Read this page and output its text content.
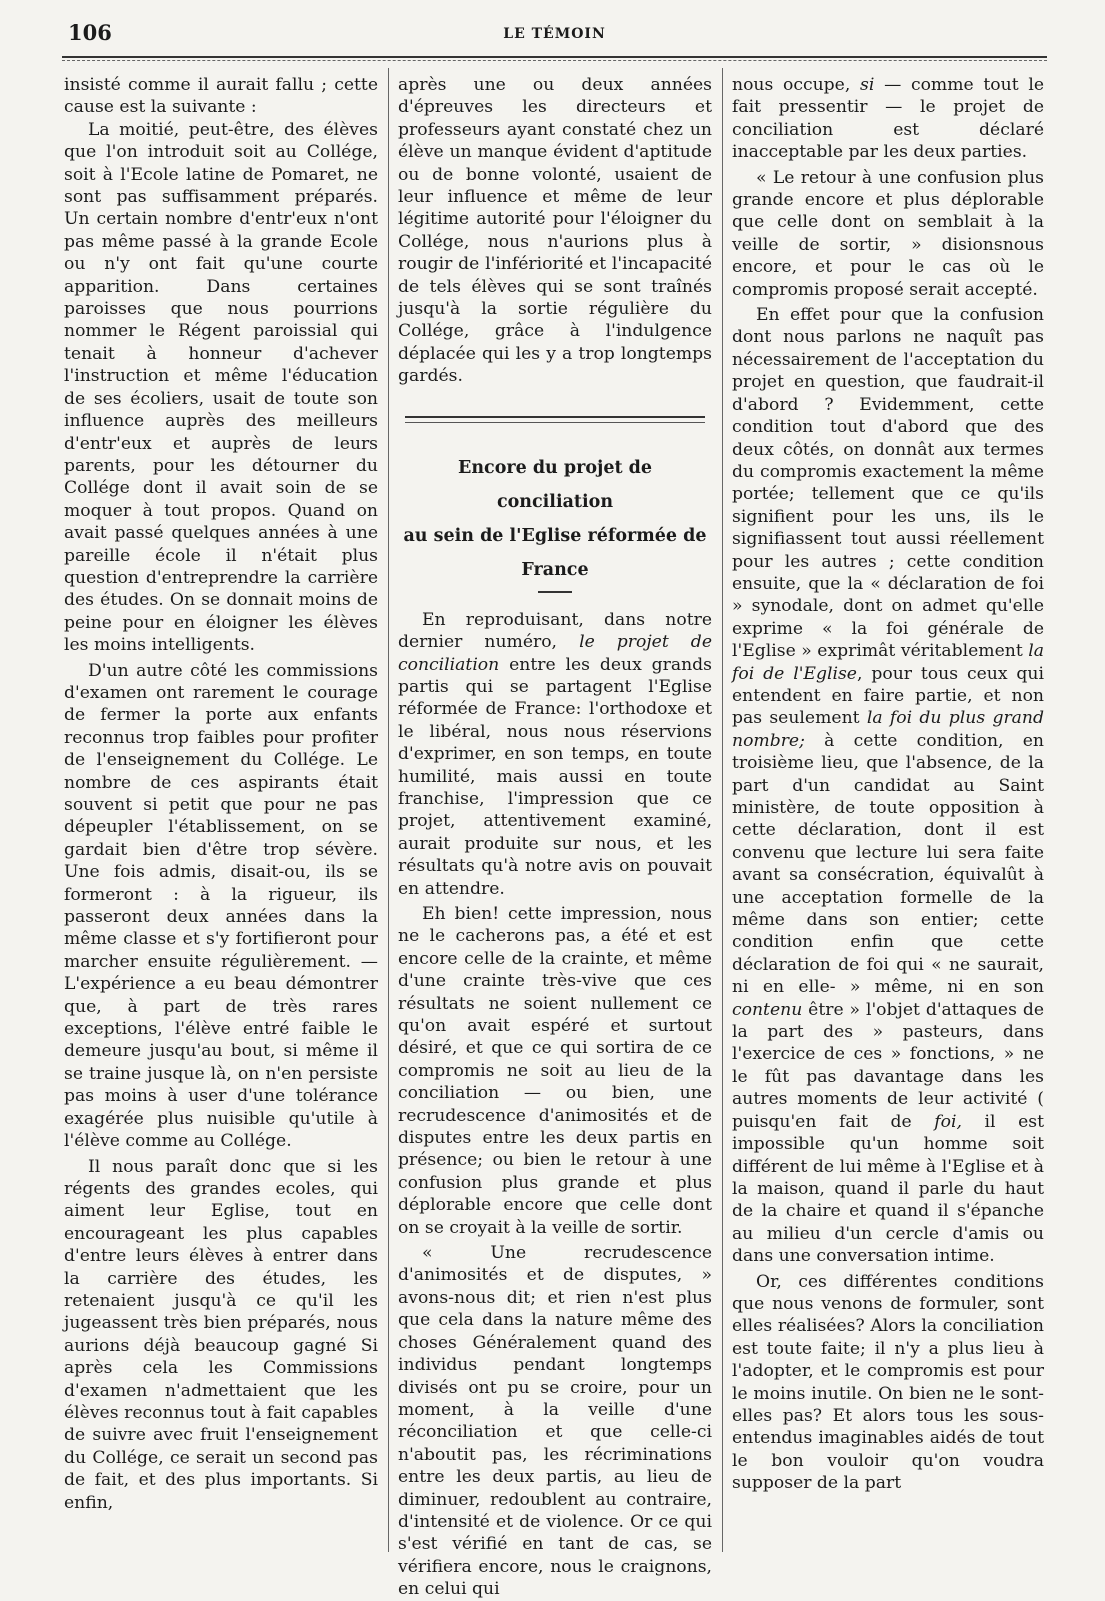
106	LE TÉMOIN

insisté comme il aurait fallu ; cette cause est la suivante :

La moitié, peut-être, des élèves que l'on introduit soit au Collége, soit à l'Ecole latine de Pomaret, ne sont pas suffisamment préparés. Un certain nombre d'entr'eux n'ont pas même passé à la grande Ecole ou n'y ont fait qu'une courte apparition. Dans certaines paroisses que nous pourrions nommer le Régent paroissial qui tenait à honneur d'achever l'instruction et même l'éducation de ses écoliers, usait de toute son influence auprès des meilleurs d'entr'eux et auprès de leurs parents, pour les détourner du Collége dont il avait soin de se moquer à tout propos. Quand on avait passé quelques années à une pareille école il n'était plus question d'entreprendre la carrière des études. On se donnait moins de peine pour en éloigner les élèves les moins intelligents.

D'un autre côté les commissions d'examen ont rarement le courage de fermer la porte aux enfants reconnus trop faibles pour profiter de l'enseignement du Collége. Le nombre de ces aspirants était souvent si petit que pour ne pas dépeupler l'établissement, on se gardait bien d'être trop sévère. Une fois admis, disait-ou, ils se formeront : à la rigueur, ils passeront deux années dans la même classe et s'y fortifieront pour marcher ensuite régulièrement. — L'expérience a eu beau démontrer que, à part de très rares exceptions, l'élève entré faible le demeure jusqu'au bout, si même il se traine jusque là, on n'en persiste pas moins à user d'une tolérance exagérée plus nuisible qu'utile à l'élève comme au Collége.

Il nous paraît donc que si les régents des grandes ecoles, qui aiment leur Eglise, tout en encourageant les plus capables d'entre leurs élèves à entrer dans la carrière des études, les retenaient jusqu'à ce qu'il les jugeassent très bien préparés, nous aurions déjà beaucoup gagné Si après cela les Commissions d'examen n'admettaient que les élèves reconnus tout à fait capables de suivre avec fruit l'enseignement du Collége, ce serait un second pas de fait, et des plus importants. Si enfin,

après une ou deux années d'épreuves les directeurs et professeurs ayant constaté chez un élève un manque évident d'aptitude ou de bonne volonté, usaient de leur influence et même de leur légitime autorité pour l'éloigner du Collége, nous n'aurions plus à rougir de l'infériorité et l'incapacité de tels élèves qui se sont traînés jusqu'à la sortie régulière du Collége, grâce à l'indulgence déplacée qui les y a trop longtemps gardés.

Encore du projet de conciliation
au sein de l'Eglise réformée de France

En reproduisant, dans notre dernier numéro, le projet de conciliation entre les deux grands partis qui se partagent l'Eglise réformée de France: l'orthodoxe et le libéral, nous nous réservions d'exprimer, en son temps, en toute humilité, mais aussi en toute franchise, l'impression que ce projet, attentivement examiné, aurait produite sur nous, et les résultats qu'à notre avis on pouvait en attendre.

Eh bien! cette impression, nous ne le cacherons pas, a été et est encore celle de la crainte, et même d'une crainte très-vive que ces résultats ne soient nullement ce qu'on avait espéré et surtout désiré, et que ce qui sortira de ce compromis ne soit au lieu de la conciliation — ou bien, une recrudescence d'animosités et de disputes entre les deux partis en présence; ou bien le retour à une confusion plus grande et plus déplorable encore que celle dont on se croyait à la veille de sortir.

« Une recrudescence d'animosités et de disputes, » avons-nous dit; et rien n'est plus que cela dans la nature même des choses Généralement quand des individus pendant longtemps divisés ont pu se croire, pour un moment, à la veille d'une réconciliation et que celle-ci n'aboutit pas, les récriminations entre les deux partis, au lieu de diminuer, redoublent au contraire, d'intensité et de violence. Or ce qui s'est vérifié en tant de cas, se vérifiera encore, nous le craignons, en celui qui

nous occupe, si — comme tout le fait pressentir — le projet de conciliation est déclaré inacceptable par les deux parties.

« Le retour à une confusion plus grande encore et plus déplorable que celle dont on semblait à la veille de sortir, » disionsnous encore, et pour le cas où le compromis proposé serait accepté.

En effet pour que la confusion dont nous parlons ne naquît pas nécessairement de l'acceptation du projet en question, que faudrait-il d'abord ? Evidemment, cette condition tout d'abord que des deux côtés, on donnât aux termes du compromis exactement la même portée; tellement que ce qu'ils signifient pour les uns, ils le signifiassent tout aussi réellement pour les autres ; cette condition ensuite, que la « déclaration de foi » synodale, dont on admet qu'elle exprime « la foi générale de l'Eglise » exprimât véritablement la foi de l'Eglise, pour tous ceux qui entendent en faire partie, et non pas seulement la foi du plus grand nombre; à cette condition, en troisième lieu, que l'absence, de la part d'un candidat au Saint ministère, de toute opposition à cette déclaration, dont il est convenu que lecture lui sera faite avant sa consécration, équivalût à une acceptation formelle de la même dans son entier; cette condition enfin que cette déclaration de foi qui « ne saurait, ni en elle- » même, ni en son contenu être » l'objet d'attaques de la part des » pasteurs, dans l'exercice de ces » fonctions, » ne le fût pas davantage dans les autres moments de leur activité ( puisqu'en fait de foi, il est impossible qu'un homme soit différent de lui même à l'Eglise et à la maison, quand il parle du haut de la chaire et quand il s'épanche au milieu d'un cercle d'amis ou dans une conversation intime.

Or, ces différentes conditions que nous venons de formuler, sont elles réalisées? Alors la conciliation est toute faite; il n'y a plus lieu à l'adopter, et le compromis est pour le moins inutile. On bien ne le sont-elles pas? Et alors tous les sous-entendus imaginables aidés de tout le bon vouloir qu'on voudra supposer de la part
